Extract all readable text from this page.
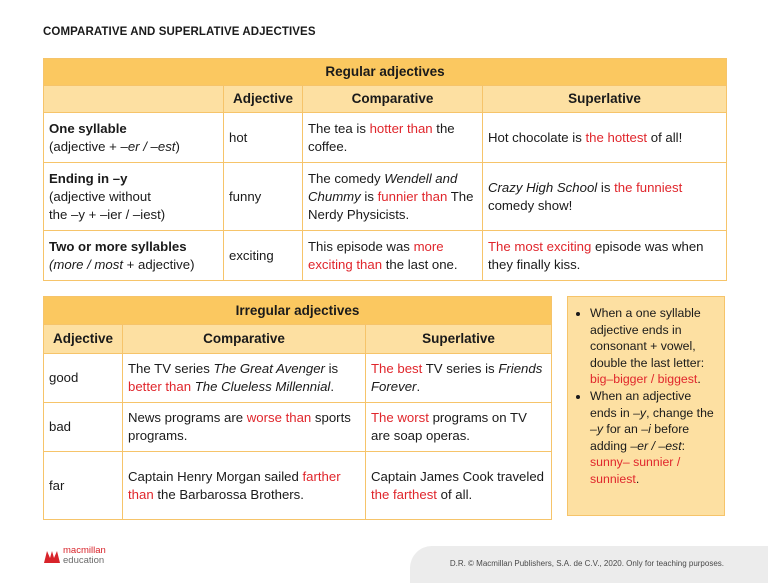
COMPARATIVE AND SUPERLATIVE ADJECTIVES
Regular adjectives			
	Adjective	Comparative	Superlative
One syllable
(adjective + –er / –est)	hot	The tea is hotter than the coffee.	Hot chocolate is the hottest of all!
Ending in –y
(adjective without
the –y + –ier / –iest)	funny	The comedy Wendell and Chummy is funnier than The Nerdy Physicists.	Crazy High School is the funniest comedy show!
Two or more syllables
(more / most + adjective)	exciting	This episode was more exciting than the last one.	The most exciting episode was when they finally kiss.
Irregular adjectives		
Adjective	Comparative	Superlative
good	The TV series The Great Avenger is better than The Clueless Millennial.	The best TV series is Friends Forever.
bad	News programs are worse than sports programs.	The worst programs on TV are soap operas.
far	Captain Henry Morgan sailed farther than the Barbarossa Brothers.	Captain James Cook traveled the farthest of all.
• When a one syllable adjective ends in consonant + vowel, double the last letter: big–bigger / biggest.
• When an adjective ends in –y, change the –y for an –i before adding –er / –est: sunny– sunnier / sunniest.
macmillan
education	D.R. © Macmillan Publishers, S.A. de C.V., 2020. Only for teaching purposes.
